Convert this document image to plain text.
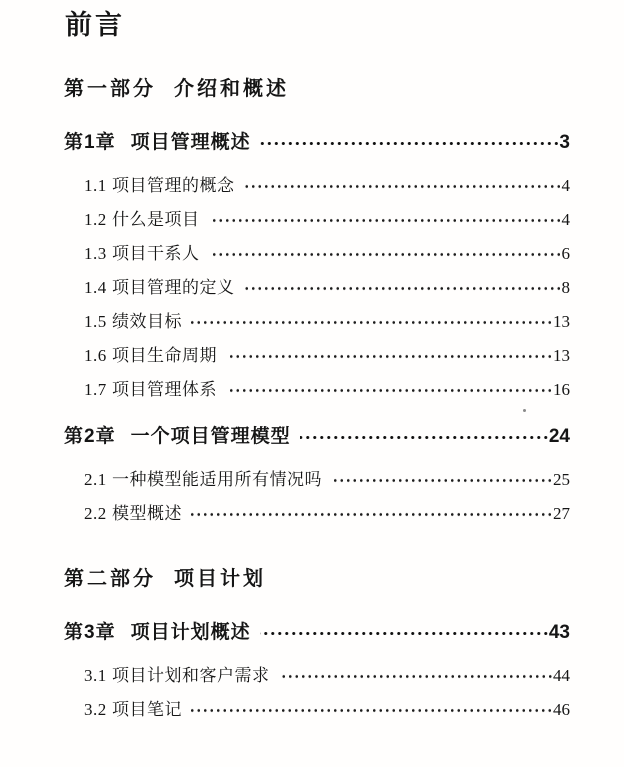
前言
第一部分 介绍和概述
第1章 项目管理概述	3
1.1 项目管理的概念	4
1.2 什么是项目	4
1.3 项目干系人	6
1.4 项目管理的定义	8
1.5 绩效目标	13
1.6 项目生命周期	13
1.7 项目管理体系	16
第2章 一个项目管理模型	24
2.1 一种模型能适用所有情况吗	25
2.2 模型概述	27
第二部分 项目计划
第3章 项目计划概述	43
3.1 项目计划和客户需求	44
3.2 项目笔记	46
